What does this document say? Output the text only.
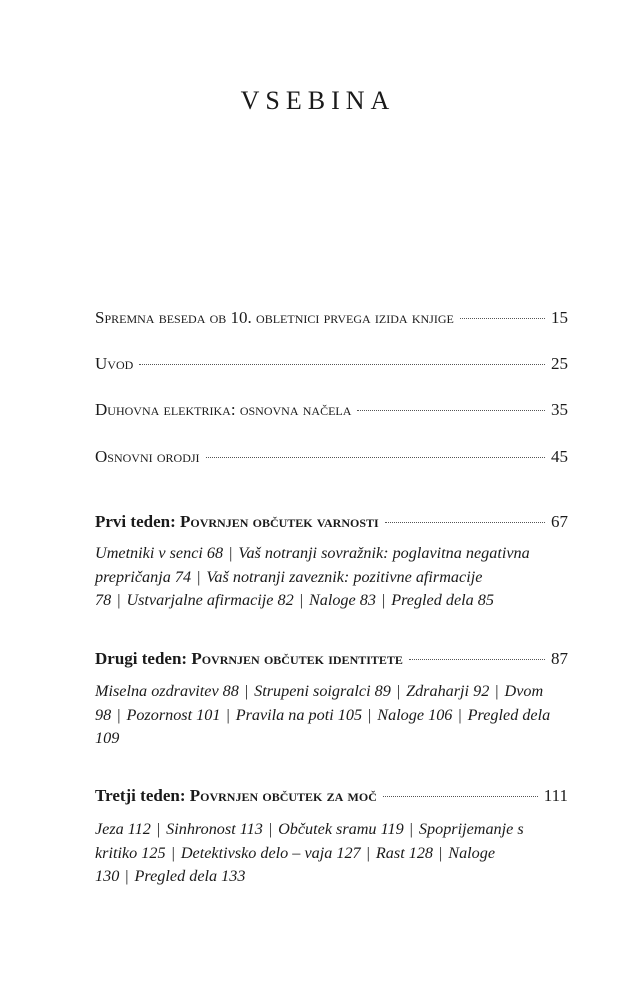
VSEBINA
Spremna beseda ob 10. obletnici prvega izida knjige	15
Uvod	25
Duhovna elektrika: osnovna načela	35
Osnovni orodji	45
Prvi teden: Povrnjen občutek varnosti	67
Umetniki v senci 68 | Vaš notranji sovražnik: poglavitna negativna prepričanja 74 | Vaš notranji zaveznik: pozitivne afirmacije 78 | Ustvarjalne afirmacije 82 | Naloge 83 | Pregled dela 85
Drugi teden: Povrnjen občutek identitete	87
Miselna ozdravitev 88 | Strupeni soigralci 89 | Zdraharji 92 | Dvom 98 | Pozornost 101 | Pravila na poti 105 | Naloge 106 | Pregled dela 109
Tretji teden: Povrnjen občutek za moč	111
Jeza 112 | Sinhronost 113 | Občutek sramu 119 | Spoprijemanje s kritiko 125 | Detektivsko delo – vaja 127 | Rast 128 | Naloge 130 | Pregled dela 133
